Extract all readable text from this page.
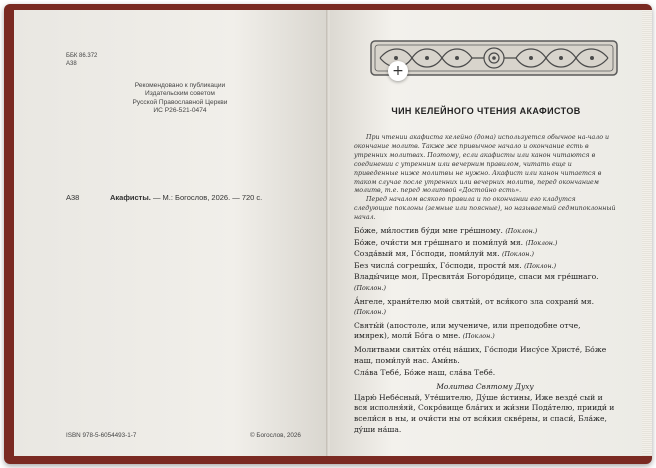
ББК 86.372
А38
Рекомендовано к публикации
Издательским советом
Русской Православной Церкви
ИС Р26-521-0474
А38	Акафисты. — М.: Богослов, 2026. — 720 с.
ISBN 978-5-6054493-1-7	© Богослов, 2026
+
ЧИН КЕЛЕЙНОГО ЧТЕНИЯ АКАФИСТОВ

При чтении акафиста келейно (дома) используется обычное на-чало и окончание молитв. Также же привычное начало и окончание есть в утренних молитвах. Поэтому, если акафисты или канон читаются в соединении с утренним или вечерним правилом, читать еще и приведенные ниже молитвы не нужно. Акафист или канон читается в таком случае после утренних или вечерних молитв, перед окончанием молитв, т.е. перед молитвой «Достойно есть».

Перед началом всякого правила и по окончании его кладутся следующие поклоны (земные или поясные), но называемый седмипоклонный начал.

Бо́же, ми́лостив бу́ди мне гре́шному. (Поклон.)

Бо́же, очи́сти мя гре́шнаго и поми́луй мя. (Поклон.)

Созда́вый мя, Го́споди, поми́луй мя. (Поклон.)

Без числа́ согреши́х, Го́споди, прости́ мя. (Поклон.)

Влады́чице моя, Пресвята́я Богоро́дице, спаси мя гре́шнаго. (Поклон.)

А́нгеле, храни́телю мой святы́й, от вся́кого зла сохрани́ мя. (Поклон.)

Святы́й (апостоле, или мучениче, или преподобне отче, имярек), моли́ Бо́га о мне. (Поклон.)

Молитвами святы́х оте́ц на́ших, Го́споди Иису́се Христе́, Бо́же наш, поми́луй нас. Ами́нь.

Сла́ва Тебе́, Бо́же наш, сла́ва Тебе́.

Молитва Святому Духу

Царю́ Небе́сный, Уте́шителю, Ду́ше и́стины, Иже везде́ сый и вся исполня́яй, Сокро́вище бла́гих и жи́зни Пода́телю, прииди́ и всели́ся в ны, и очи́сти ны от вся́кия скве́рны, и спаси́, Бла́же, ду́ши на́ша.
